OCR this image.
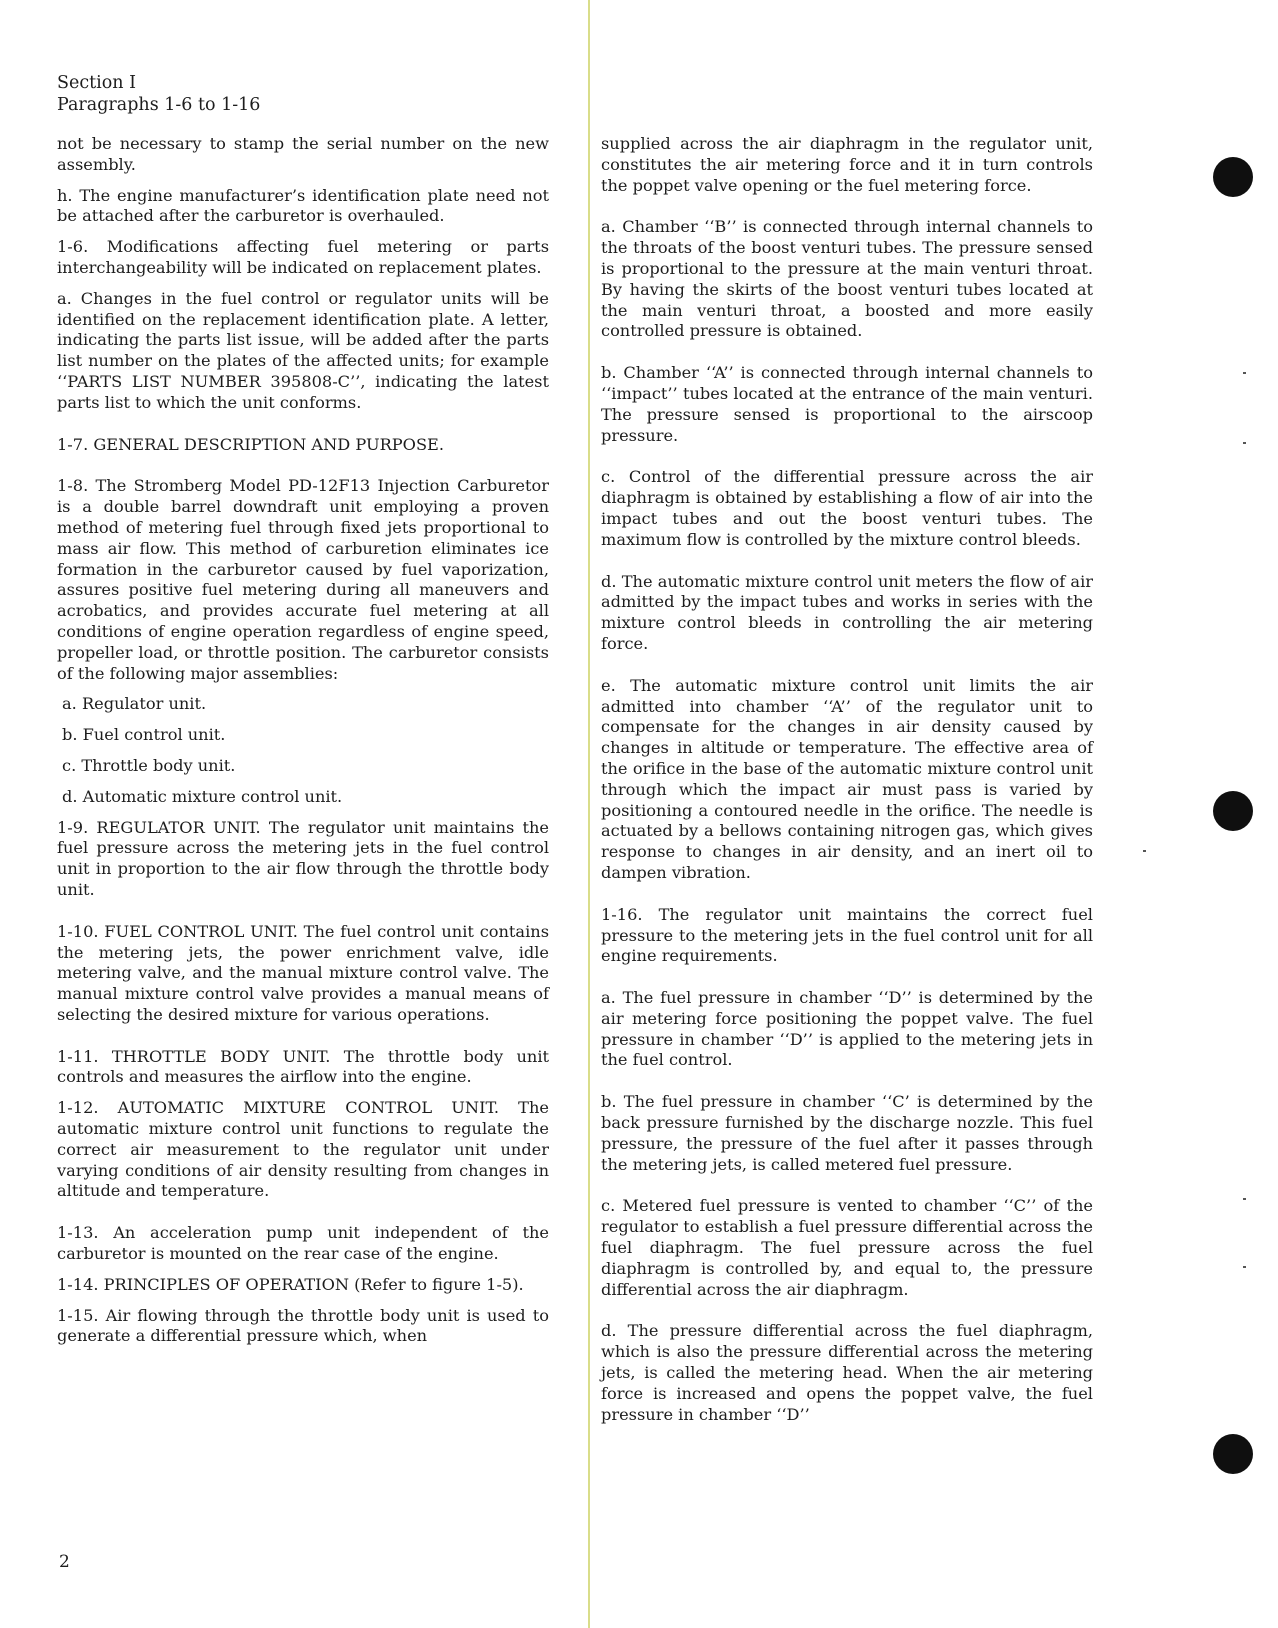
Section I
Paragraphs 1-6 to 1-16

not be necessary to stamp the serial number on the new assembly.

h. The engine manufacturer’s identification plate need not be attached after the carburetor is overhauled.

1-6. Modifications affecting fuel metering or parts interchangeability will be indicated on replacement plates.

a. Changes in the fuel control or regulator units will be identified on the replacement identification plate. A letter, indicating the parts list issue, will be added after the parts list number on the plates of the affected units; for example ‘‘PARTS LIST NUMBER 395808-C’’, indicating the latest parts list to which the unit conforms.

1-7. GENERAL DESCRIPTION AND PURPOSE.

1-8. The Stromberg Model PD-12F13 Injection Carburetor is a double barrel downdraft unit employing a proven method of metering fuel through fixed jets proportional to mass air flow. This method of carburetion eliminates ice formation in the carburetor caused by fuel vaporization, assures positive fuel metering during all maneuvers and acrobatics, and provides accurate fuel metering at all conditions of engine operation regardless of engine speed, propeller load, or throttle position. The carburetor consists of the following major assemblies:

a. Regulator unit.

b. Fuel control unit.

c. Throttle body unit.

d. Automatic mixture control unit.

1-9. REGULATOR UNIT. The regulator unit maintains the fuel pressure across the metering jets in the fuel control unit in proportion to the air flow through the throttle body unit.

1-10. FUEL CONTROL UNIT. The fuel control unit contains the metering jets, the power enrichment valve, idle metering valve, and the manual mixture control valve. The manual mixture control valve provides a manual means of selecting the desired mixture for various operations.

1-11. THROTTLE BODY UNIT. The throttle body unit controls and measures the airflow into the engine.

1-12. AUTOMATIC MIXTURE CONTROL UNIT. The automatic mixture control unit functions to regulate the correct air measurement to the regulator unit under varying conditions of air density resulting from changes in altitude and temperature.

1-13. An acceleration pump unit independent of the carburetor is mounted on the rear case of the engine.

1-14. PRINCIPLES OF OPERATION (Refer to figure 1-5).

1-15. Air flowing through the throttle body unit is used to generate a differential pressure which, when

supplied across the air diaphragm in the regulator unit, constitutes the air metering force and it in turn controls the poppet valve opening or the fuel metering force.

a. Chamber ‘‘B’’ is connected through internal channels to the throats of the boost venturi tubes. The pressure sensed is proportional to the pressure at the main venturi throat. By having the skirts of the boost venturi tubes located at the main venturi throat, a boosted and more easily controlled pressure is obtained.

b. Chamber ‘‘A’’ is connected through internal channels to ‘‘impact’’ tubes located at the entrance of the main venturi. The pressure sensed is proportional to the airscoop pressure.

c. Control of the differential pressure across the air diaphragm is obtained by establishing a flow of air into the impact tubes and out the boost venturi tubes. The maximum flow is controlled by the mixture control bleeds.

d. The automatic mixture control unit meters the flow of air admitted by the impact tubes and works in series with the mixture control bleeds in controlling the air metering force.

e. The automatic mixture control unit limits the air admitted into chamber ‘‘A’’ of the regulator unit to compensate for the changes in air density caused by changes in altitude or temperature. The effective area of the orifice in the base of the automatic mixture control unit through which the impact air must pass is varied by positioning a contoured needle in the orifice. The needle is actuated by a bellows containing nitrogen gas, which gives response to changes in air density, and an inert oil to dampen vibration.

1-16. The regulator unit maintains the correct fuel pressure to the metering jets in the fuel control unit for all engine requirements.

a. The fuel pressure in chamber ‘‘D’’ is determined by the air metering force positioning the poppet valve. The fuel pressure in chamber ‘‘D’’ is applied to the metering jets in the fuel control.

b. The fuel pressure in chamber ‘‘C’ is determined by the back pressure furnished by the discharge nozzle. This fuel pressure, the pressure of the fuel after it passes through the metering jets, is called metered fuel pressure.

c. Metered fuel pressure is vented to chamber ‘‘C’’ of the regulator to establish a fuel pressure differential across the fuel diaphragm. The fuel pressure across the fuel diaphragm is controlled by, and equal to, the pressure differential across the air diaphragm.

d. The pressure differential across the fuel diaphragm, which is also the pressure differential across the metering jets, is called the metering head. When the air metering force is increased and opens the poppet valve, the fuel pressure in chamber ‘‘D’’

2
